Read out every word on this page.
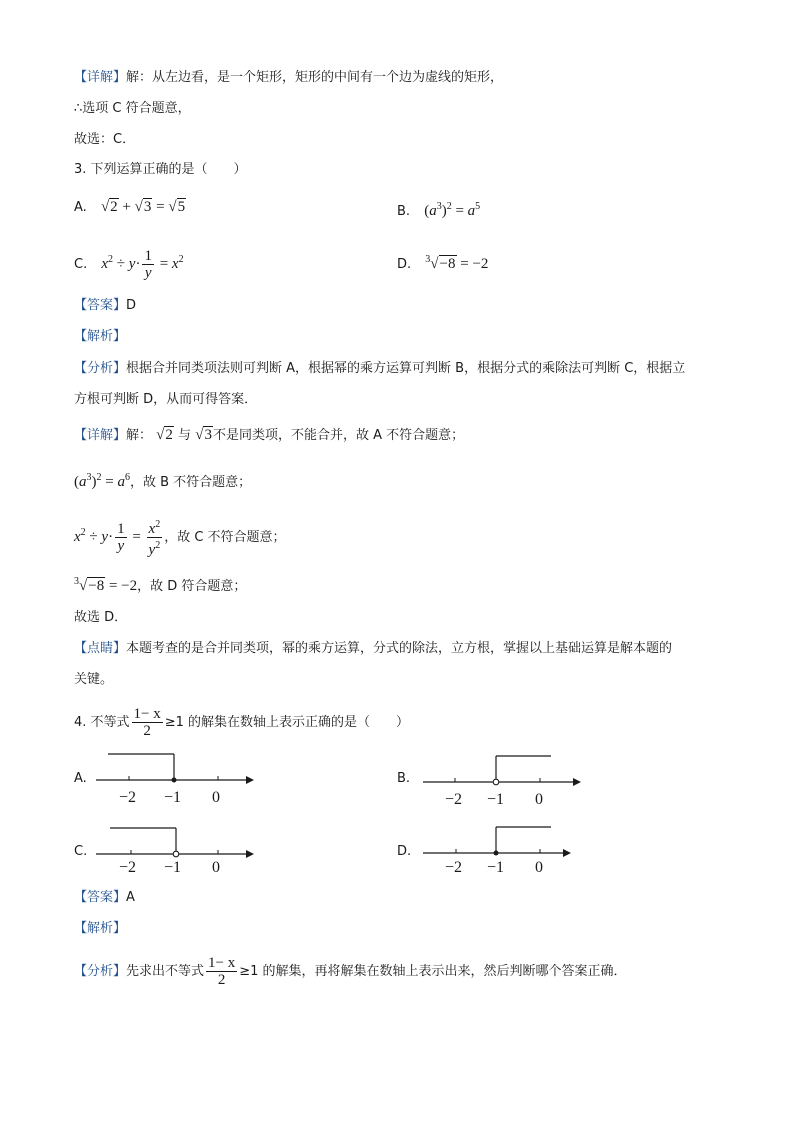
【详解】解：从左边看，是一个矩形，矩形的中间有一个边为虚线的矩形，
∴选项 C 符合题意，
故选：C．
3. 下列运算正确的是（　　）
A. √2 + √3 = √5	B. $(a^3)^2 = a^5$
C. $x^2 \div y\cdot \frac{1}{y} = x^2$	D. $^3$√−8 = −2
【答案】D
【解析】
【分析】根据合并同类项法则可判断 A，根据幂的乘方运算可判断 B，根据分式的乘除法可判断 C，根据立
方根可判断 D，从而可得答案．
【详解】解： √2 与 √3不是同类项，不能合并，故 A 不符合题意；
$(a^3)^2 = a^6$，故 B 不符合题意；
$x^2 \div y\cdot \frac{1}{y} = \frac{x^2}{y^2}$ ，故 C 不符合题意；
$^3$√−8 = −2，故 D 符合题意；
故选 D．
【点睛】本题考查的是合并同类项，幂的乘方运算，分式的除法，立方根，掌握以上基础运算是解本题的
关键。
4. 不等式 $\frac{1- x}{2} \ge 1$ 的解集在数轴上表示正确的是（　　）
A.
−2 −1 0
B.
−2 −1 0
C.
−2 −1 0
D.
−2 −1 0
【答案】A
【解析】
【分析】先求出不等式 $\frac{1- x}{2} \ge 1$ 的解集，再将解集在数轴上表示出来，然后判断哪个答案正确．
